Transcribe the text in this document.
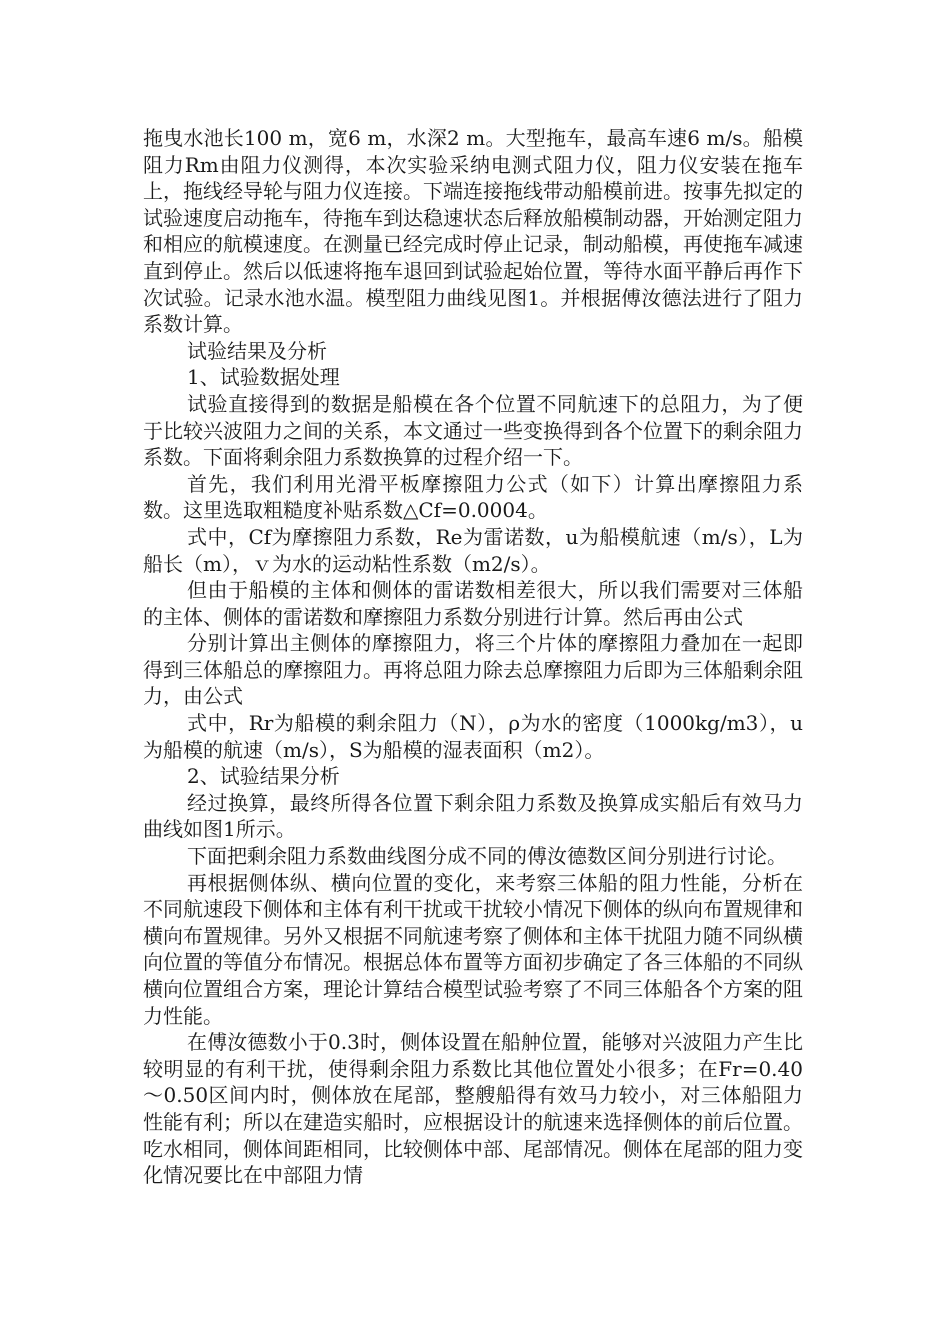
拖曳水池长100 m，宽6 m，水深2 m。大型拖车，最高车速6 m/s。船模阻力Rm由阻力仪测得，本次实验采纳电测式阻力仪，阻力仪安装在拖车上，拖线经导轮与阻力仪连接。下端连接拖线带动船模前进。按事先拟定的试验速度启动拖车，待拖车到达稳速状态后释放船模制动器，开始测定阻力和相应的航模速度。在测量已经完成时停止记录，制动船模，再使拖车减速直到停止。然后以低速将拖车退回到试验起始位置，等待水面平静后再作下次试验。记录水池水温。模型阻力曲线见图1。并根据傅汝德法进行了阻力系数计算。

试验结果及分析

1、试验数据处理

试验直接得到的数据是船模在各个位置不同航速下的总阻力，为了便于比较兴波阻力之间的关系，本文通过一些变换得到各个位置下的剩余阻力系数。下面将剩余阻力系数换算的过程介绍一下。

首先，我们利用光滑平板摩擦阻力公式（如下）计算出摩擦阻力系数。这里选取粗糙度补贴系数△Cf=0.0004。

式中，Cf为摩擦阻力系数，Re为雷诺数，u为船模航速（m/s），L为船长（m），ｖ为水的运动粘性系数（m2/s）。

但由于船模的主体和侧体的雷诺数相差很大，所以我们需要对三体船的主体、侧体的雷诺数和摩擦阻力系数分别进行计算。然后再由公式

分别计算出主侧体的摩擦阻力，将三个片体的摩擦阻力叠加在一起即得到三体船总的摩擦阻力。再将总阻力除去总摩擦阻力后即为三体船剩余阻力，由公式

式中，Rr为船模的剩余阻力（N），ρ为水的密度（1000kg/m3），u为船模的航速（m/s），S为船模的湿表面积（m2）。

2、试验结果分析

经过换算，最终所得各位置下剩余阻力系数及换算成实船后有效马力曲线如图1所示。

下面把剩余阻力系数曲线图分成不同的傅汝德数区间分别进行讨论。

再根据侧体纵、横向位置的变化，来考察三体船的阻力性能，分析在不同航速段下侧体和主体有利干扰或干扰较小情况下侧体的纵向布置规律和横向布置规律。另外又根据不同航速考察了侧体和主体干扰阻力随不同纵横向位置的等值分布情况。根据总体布置等方面初步确定了各三体船的不同纵横向位置组合方案，理论计算结合模型试验考察了不同三体船各个方案的阻力性能。

在傅汝德数小于0.3时，侧体设置在船舯位置，能够对兴波阻力产生比较明显的有利干扰，使得剩余阻力系数比其他位置处小很多；在Fr=0.40～0.50区间内时，侧体放在尾部，整艘船得有效马力较小，对三体船阻力性能有利；所以在建造实船时，应根据设计的航速来选择侧体的前后位置。吃水相同，侧体间距相同，比较侧体中部、尾部情况。侧体在尾部的阻力变化情况要比在中部阻力情
